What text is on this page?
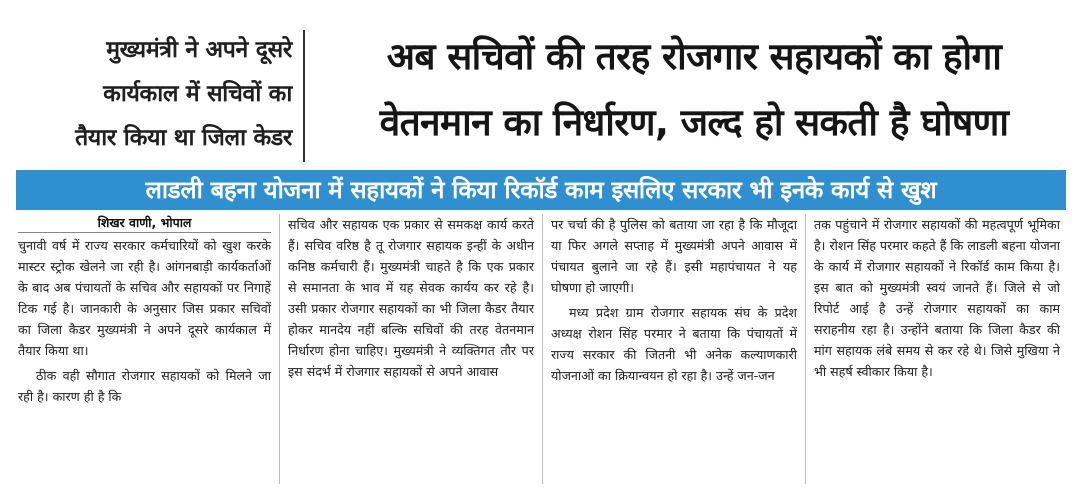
मुख्यमंत्री ने अपने दूसरे
कार्यकाल में सचिवों का
तैयार किया था जिला केडर
अब सचिवों की तरह रोजगार सहायकों का होगा
वेतनमान का निर्धारण, जल्द हो सकती है घोषणा
लाडली बहना योजना में सहायकों ने किया रिकॉर्ड काम इसलिए सरकार भी इनके कार्य से खुश
शिखर वाणी, भोपाल

चुनावी वर्ष में राज्य सरकार कर्मचारियों को खुश करके मास्टर स्ट्रोक खेलने जा रही है। आंगनबाड़ी कार्यकर्ताओं के बाद अब पंचायतों के सचिव और सहायकों पर निगाहें टिक गई है। जानकारी के अनुसार जिस प्रकार सचिवों का जिला कैडर मुख्यमंत्री ने अपने दूसरे कार्यकाल में तैयार किया था।

ठीक वही सौगात रोजगार सहायकों को मिलने जा रही है। कारण ही है कि

सचिव और सहायक एक प्रकार से समकक्ष कार्य करते हैं। सचिव वरिष्ठ है तू रोजगार सहायक इन्हीं के अधीन कनिष्ठ कर्मचारी हैं। मुख्यमंत्री चाहते है कि एक प्रकार से समानता के भाव में यह सेवक कार्यय कर रहे है। उसी प्रकार रोजगार सहायकों का भी जिला कैडर तैयार होकर मानदेय नहीं बल्कि सचिवों की तरह वेतनमान निर्धारण होना चाहिए। मुख्यमंत्री ने व्यक्तिगत तौर पर इस संदर्भ में रोजगार सहायकों से अपने आवास

पर चर्चा की है पुलिस को बताया जा रहा है कि मौजूदा या फिर अगले सप्ताह में मुख्यमंत्री अपने आवास में पंचायत बुलाने जा रहे हैं। इसी महापंचायत ने यह घोषणा हो जाएगी।

मध्य प्रदेश ग्राम रोजगार सहायक संघ के प्रदेश अध्यक्ष रोशन सिंह परमार ने बताया कि पंचायतों में राज्य सरकार की जितनी भी अनेक कल्याणकारी योजनाओं का क्रियान्वयन हो रहा है। उन्हें जन-जन

तक पहुंचाने में रोजगार सहायकों की महत्वपूर्ण भूमिका है। रोशन सिंह परमार कहते हैं कि लाडली बहना योजना के कार्य में रोजगार सहायकों ने रिकॉर्ड काम किया है। इस बात को मुख्यमंत्री स्वयं जानते हैं। जिले से जो रिपोर्ट आई है उन्हें रोजगार सहायकों का काम सराहनीय रहा है। उन्होंने बताया कि जिला कैडर की मांग सहायक लंबे समय से कर रहे थे। जिसे मुखिया ने भी सहर्ष स्वीकार किया है।
